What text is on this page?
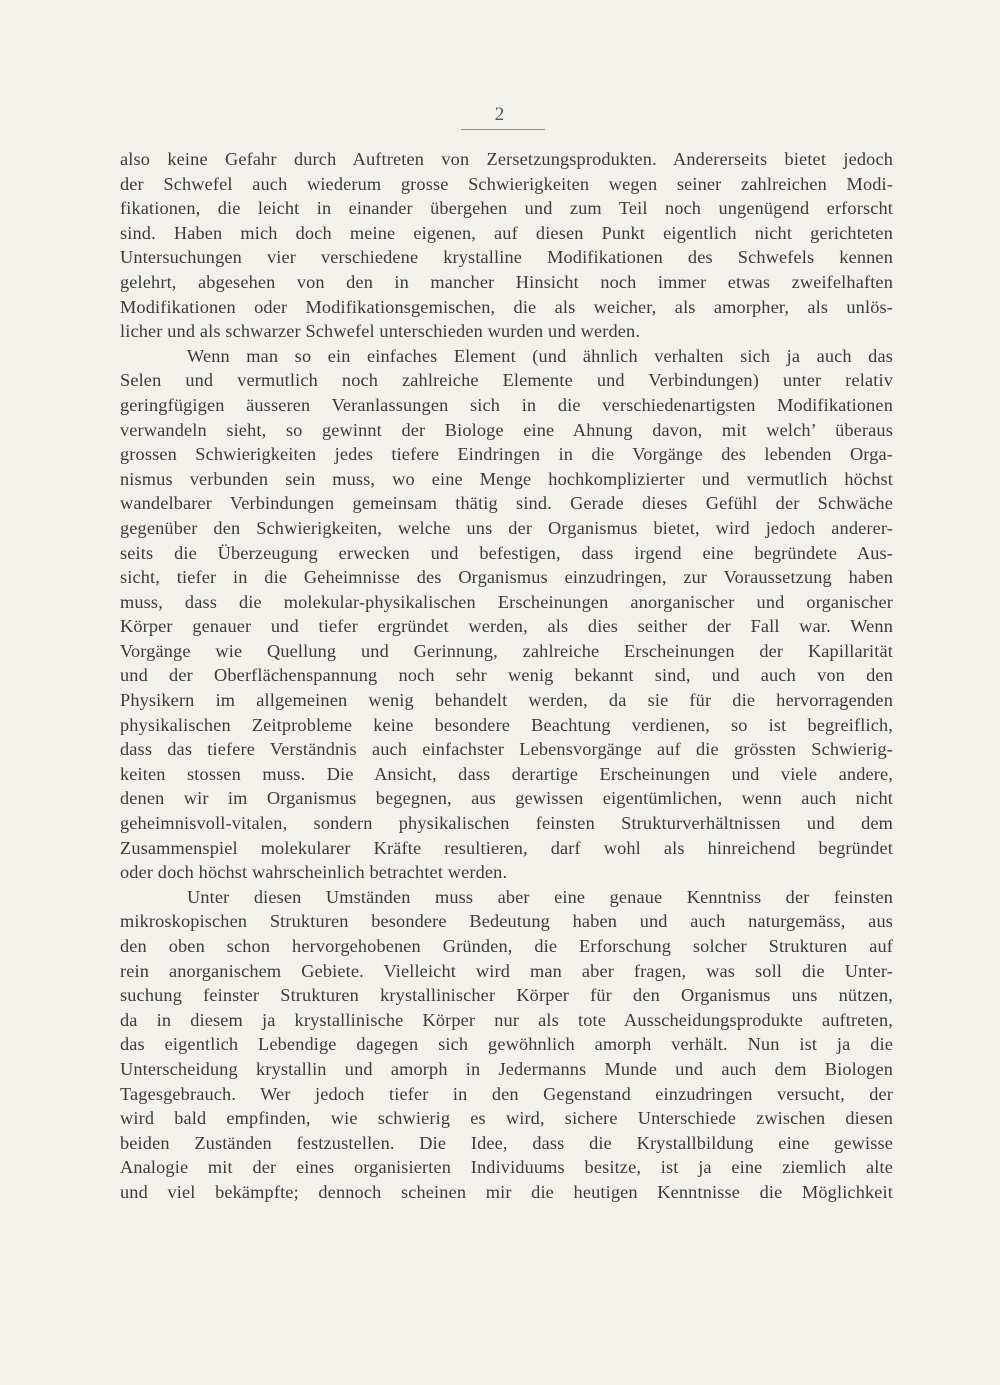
2
also keine Gefahr durch Auftreten von Zersetzungsprodukten. Andererseits bietet jedoch
der Schwefel auch wiederum grosse Schwierigkeiten wegen seiner zahlreichen Modi-
fikationen, die leicht in einander übergehen und zum Teil noch ungenügend erforscht
sind. Haben mich doch meine eigenen, auf diesen Punkt eigentlich nicht gerichteten
Untersuchungen vier verschiedene krystalline Modifikationen des Schwefels kennen
gelehrt, abgesehen von den in mancher Hinsicht noch immer etwas zweifelhaften
Modifikationen oder Modifikationsgemischen, die als weicher, als amorpher, als unlös-
licher und als schwarzer Schwefel unterschieden wurden und werden.
Wenn man so ein einfaches Element (und ähnlich verhalten sich ja auch das
Selen und vermutlich noch zahlreiche Elemente und Verbindungen) unter relativ
geringfügigen äusseren Veranlassungen sich in die verschiedenartigsten Modifikationen
verwandeln sieht, so gewinnt der Biologe eine Ahnung davon, mit welch’ überaus
grossen Schwierigkeiten jedes tiefere Eindringen in die Vorgänge des lebenden Orga-
nismus verbunden sein muss, wo eine Menge hochkomplizierter und vermutlich höchst
wandelbarer Verbindungen gemeinsam thätig sind. Gerade dieses Gefühl der Schwäche
gegenüber den Schwierigkeiten, welche uns der Organismus bietet, wird jedoch anderer-
seits die Überzeugung erwecken und befestigen, dass irgend eine begründete Aus-
sicht, tiefer in die Geheimnisse des Organismus einzudringen, zur Voraussetzung haben
muss, dass die molekular-physikalischen Erscheinungen anorganischer und organischer
Körper genauer und tiefer ergründet werden, als dies seither der Fall war. Wenn
Vorgänge wie Quellung und Gerinnung, zahlreiche Erscheinungen der Kapillarität
und der Oberflächenspannung noch sehr wenig bekannt sind, und auch von den
Physikern im allgemeinen wenig behandelt werden, da sie für die hervorragenden
physikalischen Zeitprobleme keine besondere Beachtung verdienen, so ist begreiflich,
dass das tiefere Verständnis auch einfachster Lebensvorgänge auf die grössten Schwierig-
keiten stossen muss. Die Ansicht, dass derartige Erscheinungen und viele andere,
denen wir im Organismus begegnen, aus gewissen eigentümlichen, wenn auch nicht
geheimnisvoll-vitalen, sondern physikalischen feinsten Strukturverhältnissen und dem
Zusammenspiel molekularer Kräfte resultieren, darf wohl als hinreichend begründet
oder doch höchst wahrscheinlich betrachtet werden.
Unter diesen Umständen muss aber eine genaue Kenntniss der feinsten
mikroskopischen Strukturen besondere Bedeutung haben und auch naturgemäss, aus
den oben schon hervorgehobenen Gründen, die Erforschung solcher Strukturen auf
rein anorganischem Gebiete. Vielleicht wird man aber fragen, was soll die Unter-
suchung feinster Strukturen krystallinischer Körper für den Organismus uns nützen,
da in diesem ja krystallinische Körper nur als tote Ausscheidungsprodukte auftreten,
das eigentlich Lebendige dagegen sich gewöhnlich amorph verhält. Nun ist ja die
Unterscheidung krystallin und amorph in Jedermanns Munde und auch dem Biologen
Tagesgebrauch. Wer jedoch tiefer in den Gegenstand einzudringen versucht, der
wird bald empfinden, wie schwierig es wird, sichere Unterschiede zwischen diesen
beiden Zuständen festzustellen. Die Idee, dass die Krystallbildung eine gewisse
Analogie mit der eines organisierten Individuums besitze, ist ja eine ziemlich alte
und viel bekämpfte; dennoch scheinen mir die heutigen Kenntnisse die Möglichkeit
